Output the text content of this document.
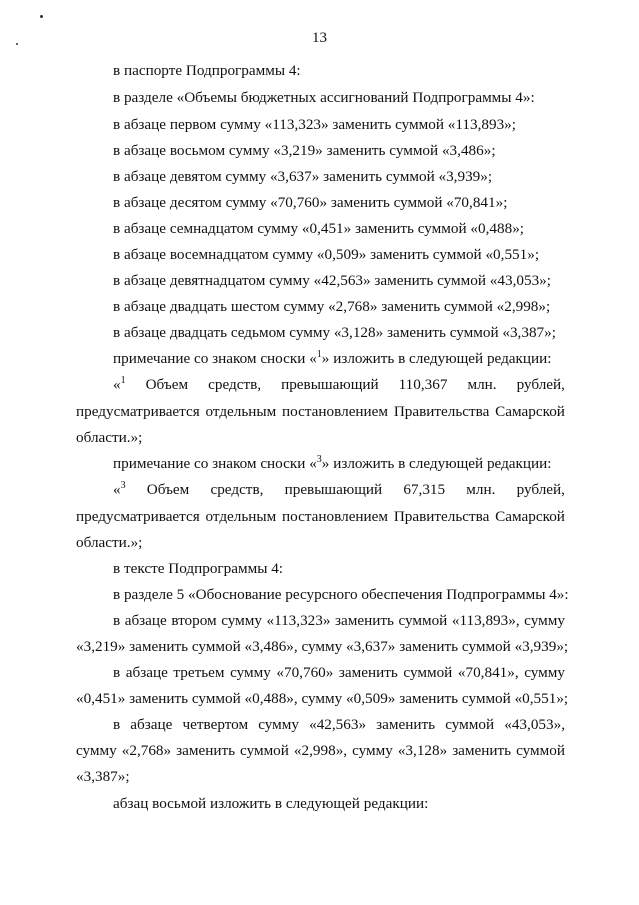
13
в паспорте Подпрограммы 4:
в разделе «Объемы бюджетных ассигнований Подпрограммы 4»:
в абзаце первом сумму «113,323» заменить суммой «113,893»;
в абзаце восьмом сумму «3,219» заменить суммой «3,486»;
в абзаце девятом сумму «3,637» заменить суммой «3,939»;
в абзаце десятом сумму «70,760» заменить суммой «70,841»;
в абзаце семнадцатом сумму «0,451» заменить суммой «0,488»;
в абзаце восемнадцатом сумму «0,509» заменить суммой «0,551»;
в абзаце девятнадцатом сумму «42,563» заменить суммой «43,053»;
в абзаце двадцать шестом сумму «2,768» заменить суммой «2,998»;
в абзаце двадцать седьмом сумму «3,128» заменить суммой «3,387»;
примечание со знаком сноски «$^1$» изложить в следующей редакции:
«$^1$ Объем средств, превышающий 110,367 млн. рублей,
предусматривается отдельным постановлением Правительства Самарской
области.»;
примечание со знаком сноски «$^3$» изложить в следующей редакции:
«$^3$ Объем средств, превышающий 67,315 млн. рублей,
предусматривается отдельным постановлением Правительства Самарской
области.»;
в тексте Подпрограммы 4:
в разделе 5 «Обоснование ресурсного обеспечения Подпрограммы 4»:
в абзаце втором сумму «113,323» заменить суммой «113,893», сумму
«3,219» заменить суммой «3,486», сумму «3,637» заменить суммой «3,939»;
в абзаце третьем сумму «70,760» заменить суммой «70,841», сумму
«0,451» заменить суммой «0,488», сумму «0,509» заменить суммой «0,551»;
в абзаце четвертом сумму «42,563» заменить суммой «43,053»,
сумму «2,768» заменить суммой «2,998», сумму «3,128» заменить суммой
«3,387»;
абзац восьмой изложить в следующей редакции:
